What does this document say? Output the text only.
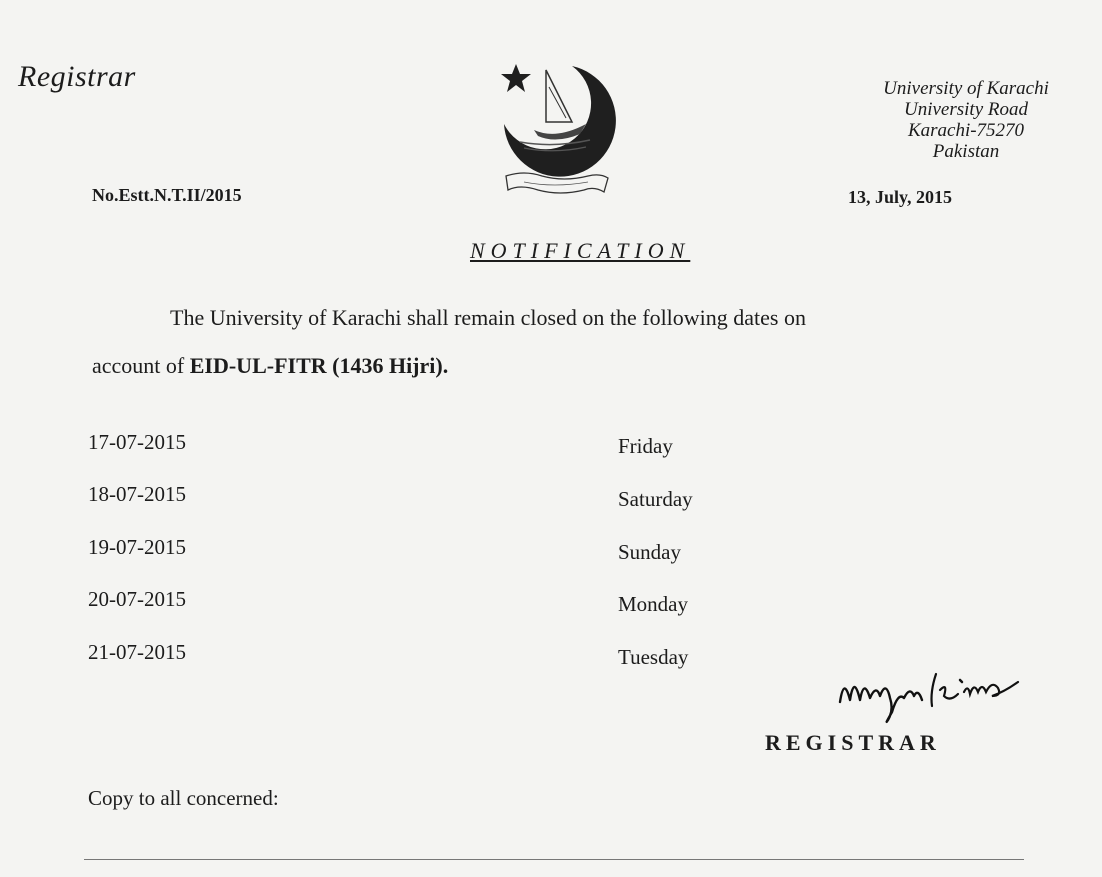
Registrar	University of Karachi
University Road
Karachi-75270
Pakistan
No.Estt.N.T.II/2015	13, July, 2015
NOTIFICATION
The University of Karachi shall remain closed on the following dates on
account of EID-UL-FITR (1436 Hijri).
17-07-2015	Friday
18-07-2015	Saturday
19-07-2015	Sunday
20-07-2015	Monday
21-07-2015	Tuesday
REGISTRAR
Copy to all concerned:
